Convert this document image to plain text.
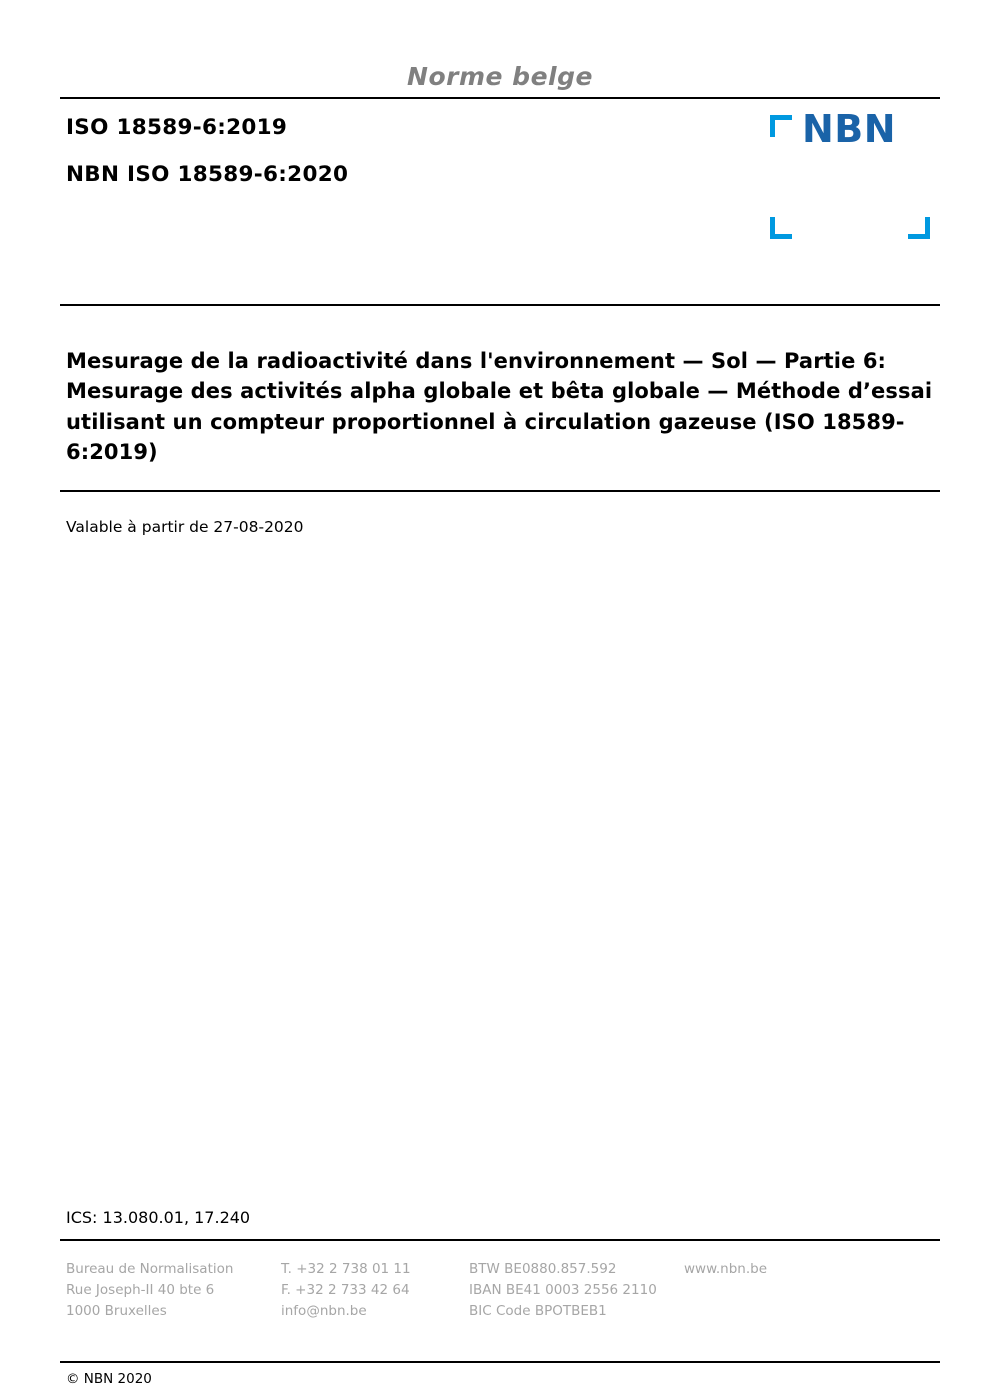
Norme belge
ISO 18589-6:2019
NBN ISO 18589-6:2020
NBN
Mesurage de la radioactivité dans l'environnement — Sol — Partie 6: Mesurage des activités alpha globale et bêta globale — Méthode d’essai utilisant un compteur proportionnel à circulation gazeuse (ISO 18589-6:2019)
Valable à partir de 27-08-2020
ICS: 13.080.01, 17.240
Bureau de Normalisation
Rue Joseph-II 40 bte 6
1000 Bruxelles
T. +32 2 738 01 11
F. +32 2 733 42 64
info@nbn.be
BTW BE0880.857.592
IBAN BE41 0003 2556 2110
BIC Code BPOTBEB1
www.nbn.be
© NBN 2020
